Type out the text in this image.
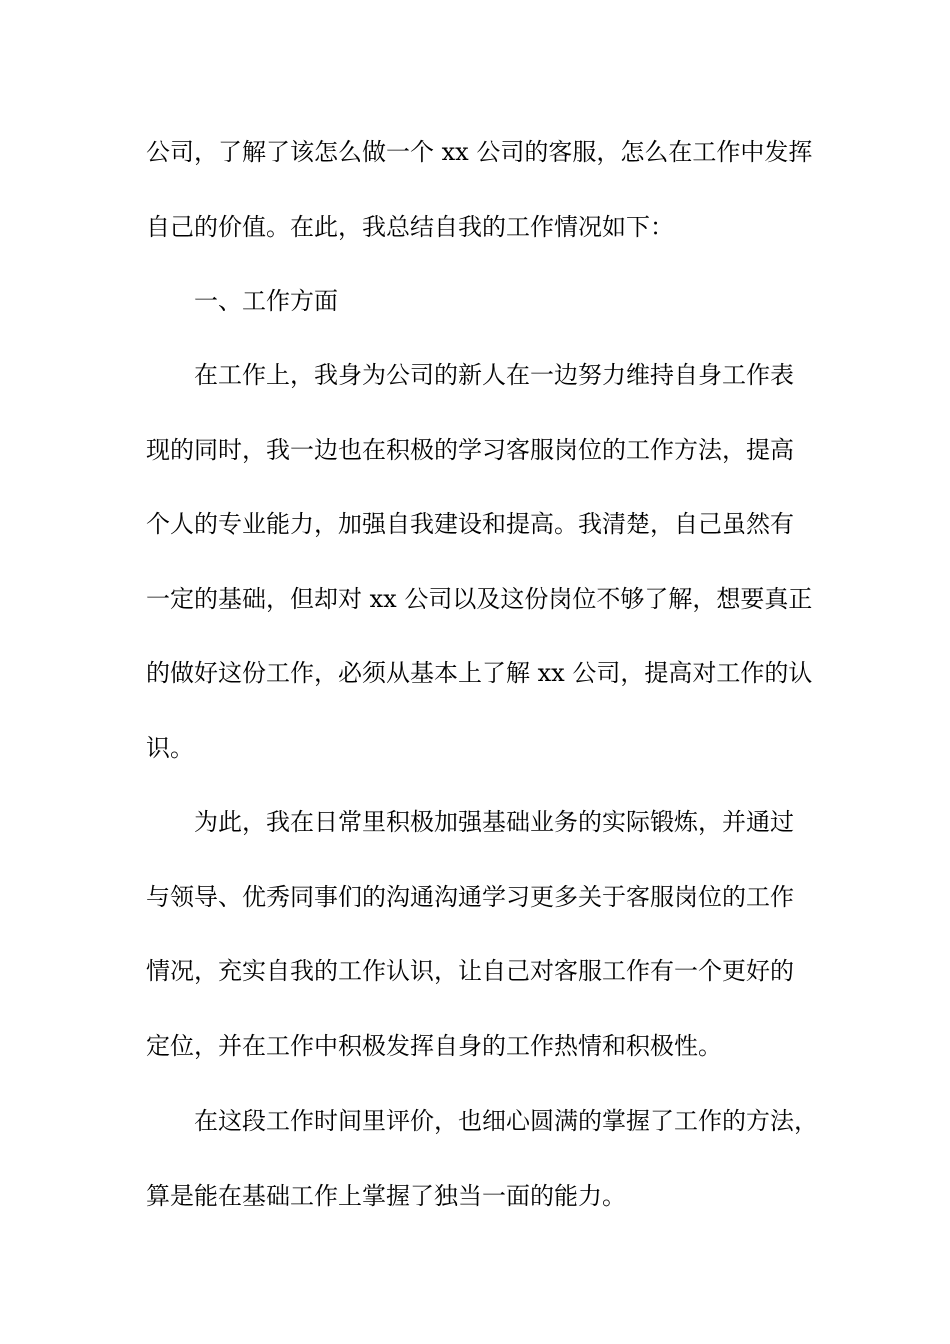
公司，了解了该怎么做一个 xx 公司的客服，怎么在工作中发挥
自己的价值。在此，我总结自我的工作情况如下：
一、工作方面
在工作上，我身为公司的新人在一边努力维持自身工作表
现的同时，我一边也在积极的学习客服岗位的工作方法，提高
个人的专业能力，加强自我建设和提高。我清楚，自己虽然有
一定的基础，但却对 xx 公司以及这份岗位不够了解，想要真正
的做好这份工作，必须从基本上了解 xx 公司，提高对工作的认
识。
为此，我在日常里积极加强基础业务的实际锻炼，并通过
与领导、优秀同事们的沟通沟通学习更多关于客服岗位的工作
情况，充实自我的工作认识，让自己对客服工作有一个更好的
定位，并在工作中积极发挥自身的工作热情和积极性。
在这段工作时间里评价，也细心圆满的掌握了工作的方法，
算是能在基础工作上掌握了独当一面的能力。
